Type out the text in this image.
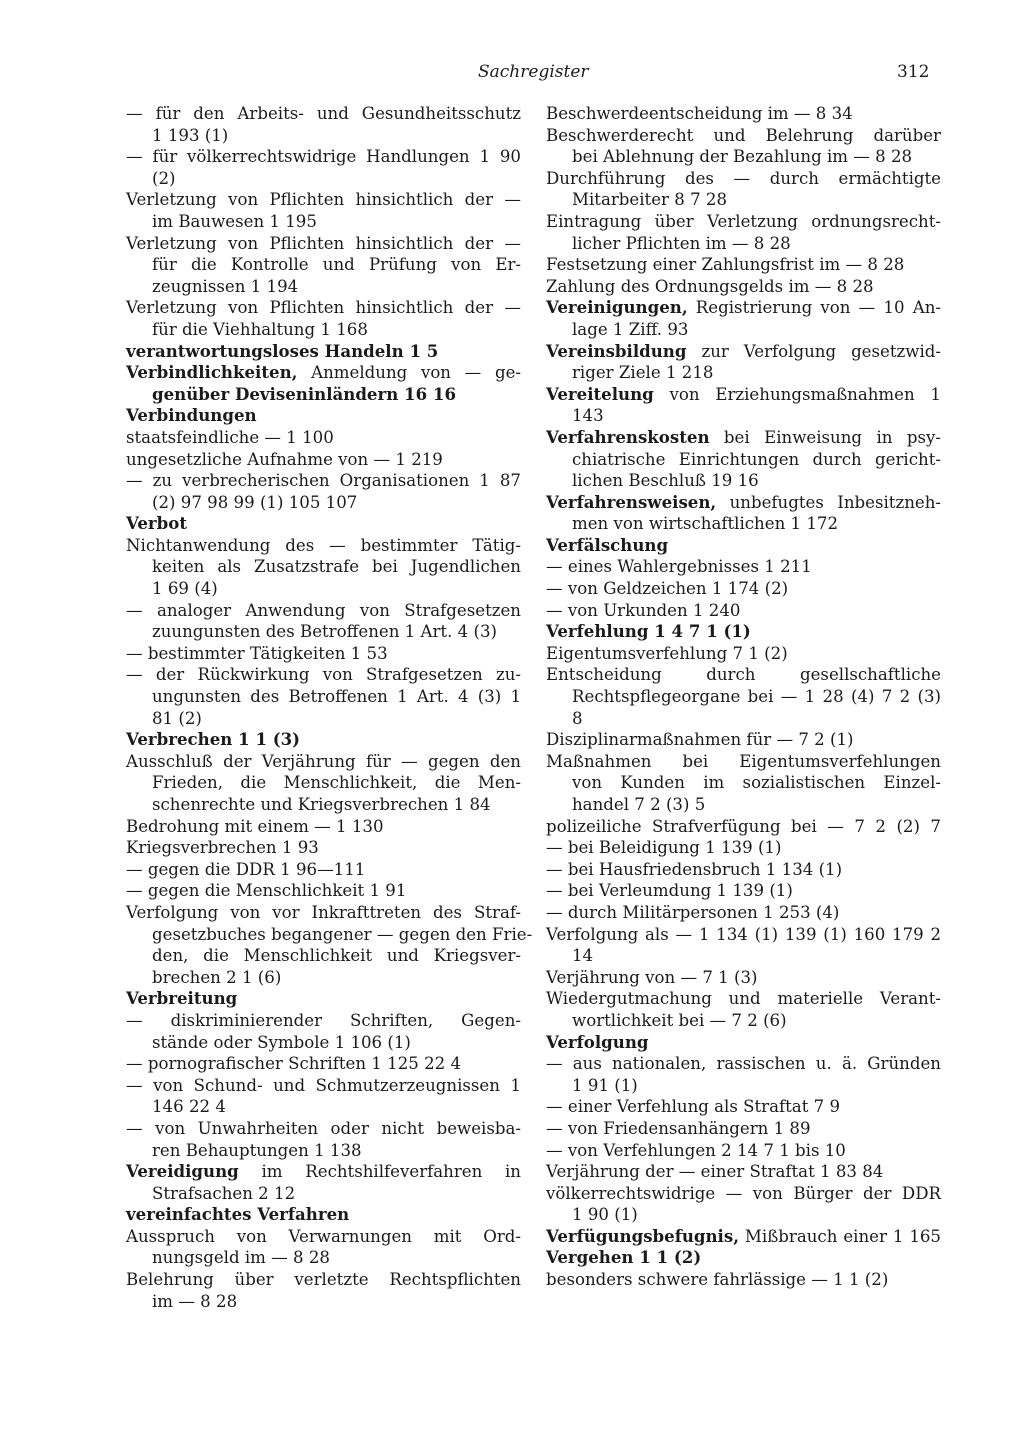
Sachregister	312
— für den Arbeits- und Gesundheitsschutz
1 193 (1)
— für völkerrechtswidrige Handlungen 1 90
(2)
Verletzung von Pflichten hinsichtlich der —
im Bauwesen 1 195
Verletzung von Pflichten hinsichtlich der —
für die Kontrolle und Prüfung von Er-
zeugnissen 1 194
Verletzung von Pflichten hinsichtlich der —
für die Viehhaltung 1 168
verantwortungsloses Handeln 1 5
Verbindlichkeiten, Anmeldung von — ge-
genüber Deviseninländern 16 16
Verbindungen
staatsfeindliche — 1 100
ungesetzliche Aufnahme von — 1 219
— zu verbrecherischen Organisationen 1 87
(2) 97 98 99 (1) 105 107
Verbot
Nichtanwendung des — bestimmter Tätig-
keiten als Zusatzstrafe bei Jugendlichen
1 69 (4)
— analoger Anwendung von Strafgesetzen
zuungunsten des Betroffenen 1 Art. 4 (3)
— bestimmter Tätigkeiten 1 53
— der Rückwirkung von Strafgesetzen zu-
ungunsten des Betroffenen 1 Art. 4 (3) 1
81 (2)
Verbrechen 1 1 (3)
Ausschluß der Verjährung für — gegen den
Frieden, die Menschlichkeit, die Men-
schenrechte und Kriegsverbrechen 1 84
Bedrohung mit einem — 1 130
Kriegsverbrechen 1 93
— gegen die DDR 1 96—111
— gegen die Menschlichkeit 1 91
Verfolgung von vor Inkrafttreten des Straf-
gesetzbuches begangener — gegen den Frie-
den, die Menschlichkeit und Kriegsver-
brechen 2 1 (6)
Verbreitung
— diskriminierender Schriften, Gegen-
stände oder Symbole 1 106 (1)
— pornografischer Schriften 1 125 22 4
— von Schund- und Schmutzerzeugnissen 1
146 22 4
— von Unwahrheiten oder nicht beweisba-
ren Behauptungen 1 138
Vereidigung im Rechtshilfeverfahren in
Strafsachen 2 12
vereinfachtes Verfahren
Ausspruch von Verwarnungen mit Ord-
nungsgeld im — 8 28
Belehrung über verletzte Rechtspflichten
im — 8 28
Beschwerdeentscheidung im — 8 34
Beschwerderecht und Belehrung darüber
bei Ablehnung der Bezahlung im — 8 28
Durchführung des — durch ermächtigte
Mitarbeiter 8 7 28
Eintragung über Verletzung ordnungsrecht-
licher Pflichten im — 8 28
Festsetzung einer Zahlungsfrist im — 8 28
Zahlung des Ordnungsgelds im — 8 28
Vereinigungen, Registrierung von — 10 An-
lage 1 Ziff. 93
Vereinsbildung zur Verfolgung gesetzwid-
riger Ziele 1 218
Vereitelung von Erziehungsmaßnahmen 1
143
Verfahrenskosten bei Einweisung in psy-
chiatrische Einrichtungen durch gericht-
lichen Beschluß 19 16
Verfahrensweisen, unbefugtes Inbesitzneh-
men von wirtschaftlichen 1 172
Verfälschung
— eines Wahlergebnisses 1 211
— von Geldzeichen 1 174 (2)
— von Urkunden 1 240
Verfehlung 1 4 7 1 (1)
Eigentumsverfehlung 7 1 (2)
Entscheidung durch gesellschaftliche
Rechtspflegeorgane bei — 1 28 (4) 7 2 (3)
8
Disziplinarmaßnahmen für — 7 2 (1)
Maßnahmen bei Eigentumsverfehlungen
von Kunden im sozialistischen Einzel-
handel 7 2 (3) 5
polizeiliche Strafverfügung bei — 7 2 (2) 7
— bei Beleidigung 1 139 (1)
— bei Hausfriedensbruch 1 134 (1)
— bei Verleumdung 1 139 (1)
— durch Militärpersonen 1 253 (4)
Verfolgung als — 1 134 (1) 139 (1) 160 179 2
14
Verjährung von — 7 1 (3)
Wiedergutmachung und materielle Verant-
wortlichkeit bei — 7 2 (6)
Verfolgung
— aus nationalen, rassischen u. ä. Gründen
1 91 (1)
— einer Verfehlung als Straftat 7 9
— von Friedensanhängern 1 89
— von Verfehlungen 2 14 7 1 bis 10
Verjährung der — einer Straftat 1 83 84
völkerrechtswidrige — von Bürger der DDR
1 90 (1)
Verfügungsbefugnis, Mißbrauch einer 1 165
Vergehen 1 1 (2)
besonders schwere fahrlässige — 1 1 (2)
